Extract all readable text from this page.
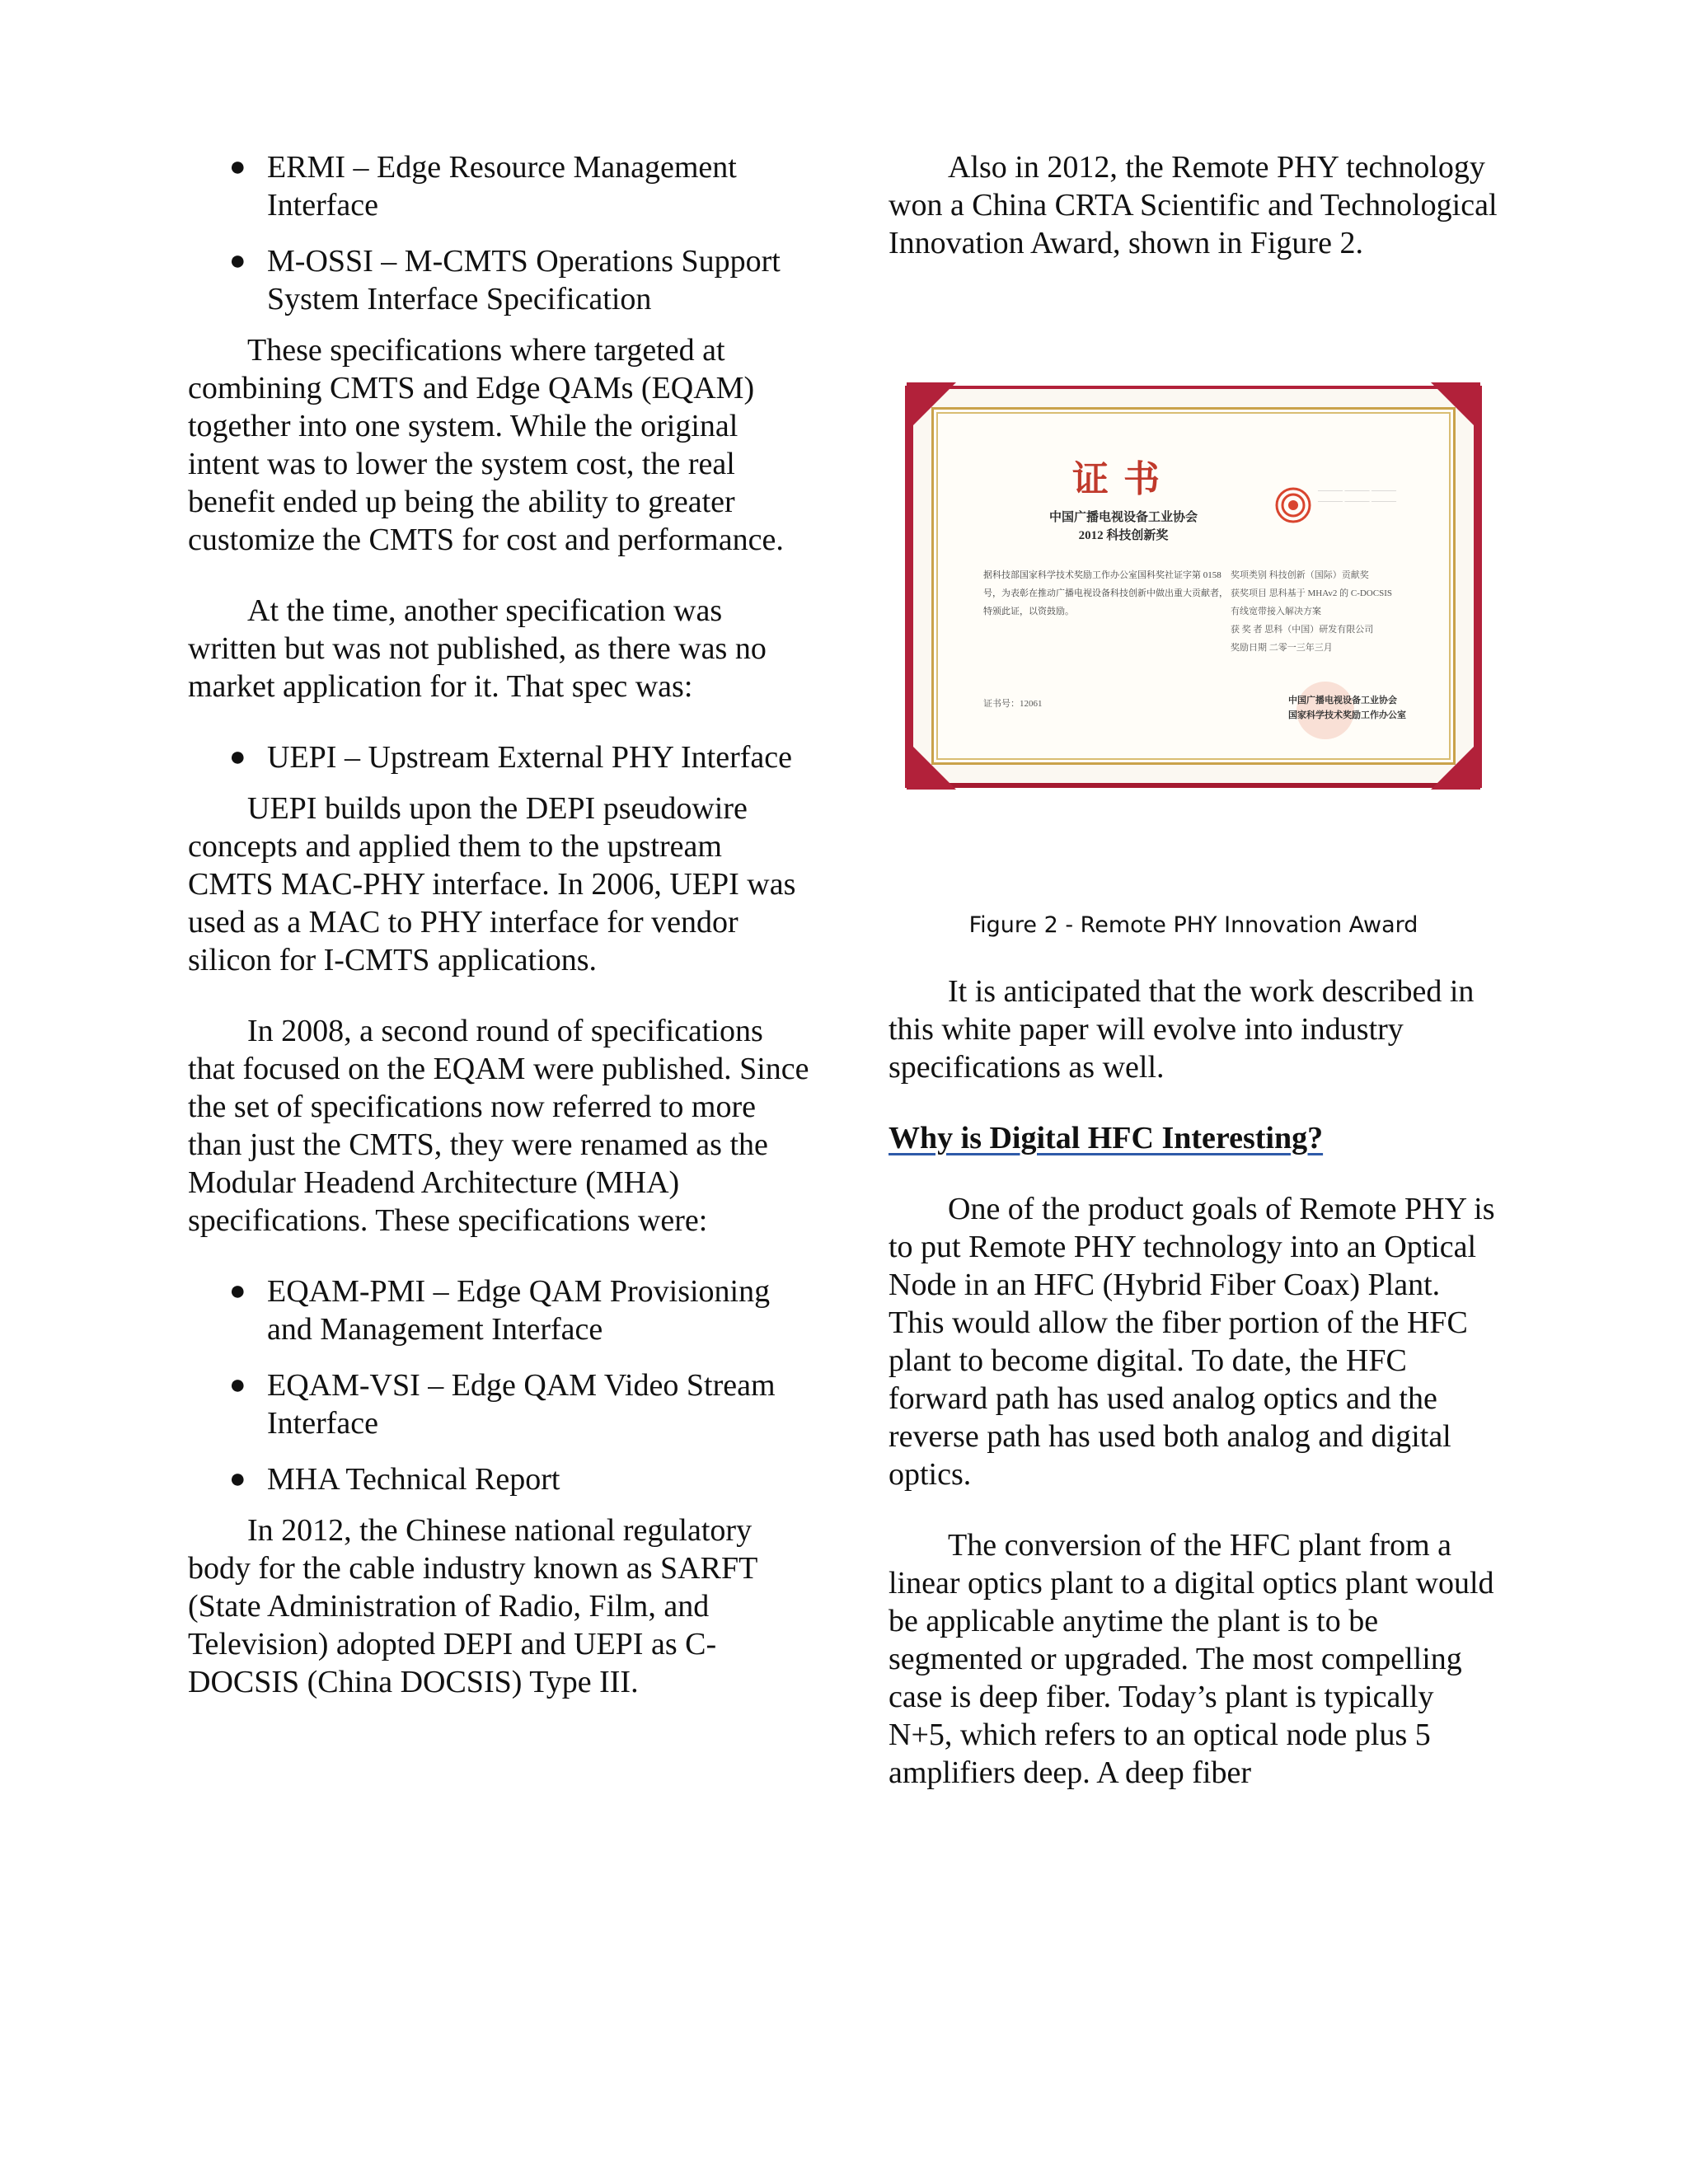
● ERMI – Edge Resource Management Interface
● M-OSSI – M-CMTS Operations Support System Interface Specification

These specifications where targeted at combining CMTS and Edge QAMs (EQAM) together into one system. While the original intent was to lower the system cost, the real benefit ended up being the ability to greater customize the CMTS for cost and performance.

At the time, another specification was written but was not published, as there was no market application for it. That spec was:

● UEPI – Upstream External PHY Interface

UEPI builds upon the DEPI pseudowire concepts and applied them to the upstream CMTS MAC-PHY interface. In 2006, UEPI was used as a MAC to PHY interface for vendor silicon for I-CMTS applications.

In 2008, a second round of specifications that focused on the EQAM were published. Since the set of specifications now referred to more than just the CMTS, they were renamed as the Modular Headend Architecture (MHA) specifications. These specifications were:

● EQAM-PMI – Edge QAM Provisioning and Management Interface
● EQAM-VSI – Edge QAM Video Stream Interface
● MHA Technical Report

In 2012, the Chinese national regulatory body for the cable industry known as SARFT (State Administration of Radio, Film, and Television) adopted DEPI and UEPI as C-DOCSIS (China DOCSIS) Type III.

Also in 2012, the Remote PHY technology won a China CRTA Scientific and Technological Innovation Award, shown in Figure 2.

证书
中国广播电视设备工业协会
2012 科技创新奖
——— ——— ———
——— ——— ———
据科技部国家科学技术奖励工作办公室国科奖社证字第 0158 号，为表彰在推动广播电视设备科技创新中做出重大贡献者，特颁此证，以资鼓励。
奖项类别 科技创新（国际）贡献奖
获奖项目 思科基于 MHAv2 的 C-DOCSIS
有线宽带接入解决方案
获 奖 者 思科（中国）研发有限公司
奖励日期 二零一三年三月
证书号：12061	中国广播电视设备工业协会
国家科学技术奖励工作办公室

Figure 2 - Remote PHY Innovation Award

It is anticipated that the work described in this white paper will evolve into industry specifications as well.

Why is Digital HFC Interesting?

One of the product goals of Remote PHY is to put Remote PHY technology into an Optical Node in an HFC (Hybrid Fiber Coax) Plant. This would allow the fiber portion of the HFC plant to become digital. To date, the HFC forward path has used analog optics and the reverse path has used both analog and digital optics.

The conversion of the HFC plant from a linear optics plant to a digital optics plant would be applicable anytime the plant is to be segmented or upgraded. The most compelling case is deep fiber. Today’s plant is typically N+5, which refers to an optical node plus 5 amplifiers deep. A deep fiber
